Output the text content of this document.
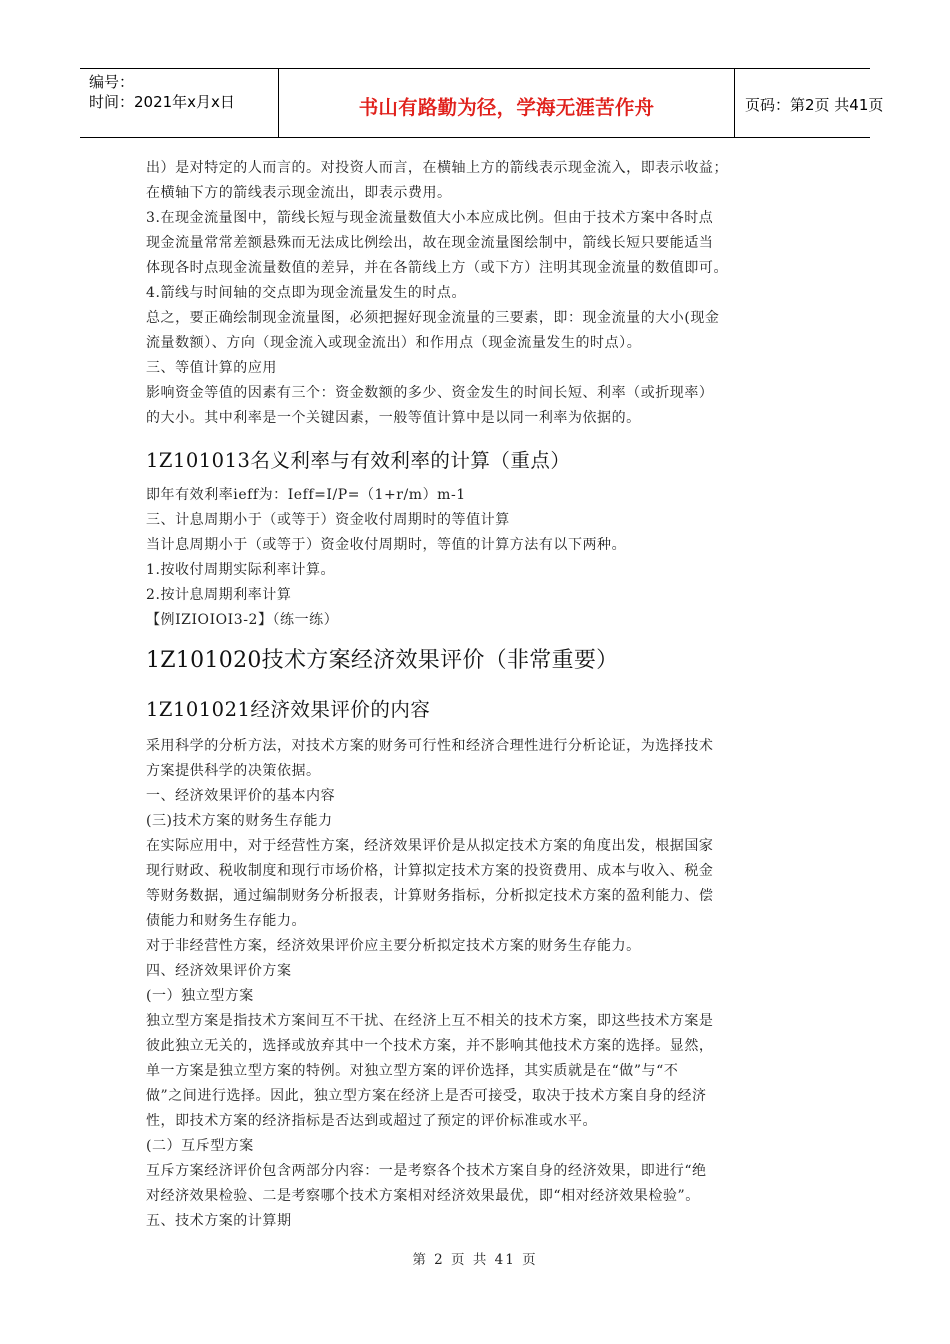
编号：
时间：2021年x月x日	书山有路勤为径，学海无涯苦作舟	页码：第2页 共41页
出）是对特定的人而言的。对投资人而言，在横轴上方的箭线表示现金流入，即表示收益；
在横轴下方的箭线表示现金流出，即表示费用。
3.在现金流量图中，箭线长短与现金流量数值大小本应成比例。但由于技术方案中各时点
现金流量常常差额悬殊而无法成比例绘出，故在现金流量图绘制中，箭线长短只要能适当
体现各时点现金流量数值的差异，并在各箭线上方（或下方）注明其现金流量的数值即可。
4.箭线与时间轴的交点即为现金流量发生的时点。
总之，要正确绘制现金流量图，必须把握好现金流量的三要素，即：现金流量的大小(现金
流量数额）、方向（现金流入或现金流出）和作用点（现金流量发生的时点）。
三、等值计算的应用
影响资金等值的因素有三个：资金数额的多少、资金发生的时间长短、利率（或折现率）
的大小。其中利率是一个关键因素，一般等值计算中是以同一利率为依据的。
1Z101013名义利率与有效利率的计算（重点）
即年有效利率ieff为：Ieff=I/P=（1+r/m）m-1
三、计息周期小于（或等于）资金收付周期时的等值计算
当计息周期小于（或等于）资金收付周期时，等值的计算方法有以下两种。
1.按收付周期实际利率计算。
2.按计息周期利率计算
【例IZIOIOI3-2】（练一练）
1Z101020技术方案经济效果评价（非常重要）
1Z101021经济效果评价的内容
采用科学的分析方法，对技术方案的财务可行性和经济合理性进行分析论证，为选择技术
方案提供科学的决策依据。
一、经济效果评价的基本内容
(三)技术方案的财务生存能力
在实际应用中，对于经营性方案，经济效果评价是从拟定技术方案的角度出发，根据国家
现行财政、税收制度和现行市场价格，计算拟定技术方案的投资费用、成本与收入、税金
等财务数据，通过编制财务分析报表，计算财务指标，分析拟定技术方案的盈利能力、偿
债能力和财务生存能力。
对于非经营性方案，经济效果评价应主要分析拟定技术方案的财务生存能力。
四、经济效果评价方案
(一）独立型方案
独立型方案是指技术方案间互不干扰、在经济上互不相关的技术方案，即这些技术方案是
彼此独立无关的，选择或放弃其中一个技术方案，并不影响其他技术方案的选择。显然，
单一方案是独立型方案的特例。对独立型方案的评价选择，其实质就是在“做”与“不
做”之间进行选择。因此，独立型方案在经济上是否可接受，取决于技术方案自身的经济
性，即技术方案的经济指标是否达到或超过了预定的评价标准或水平。
(二）互斥型方案
互斥方案经济评价包含两部分内容：一是考察各个技术方案自身的经济效果，即进行“绝
对经济效果检验、二是考察哪个技术方案相对经济效果最优，即“相对经济效果检验”。
五、技术方案的计算期
第 2 页 共 41 页
